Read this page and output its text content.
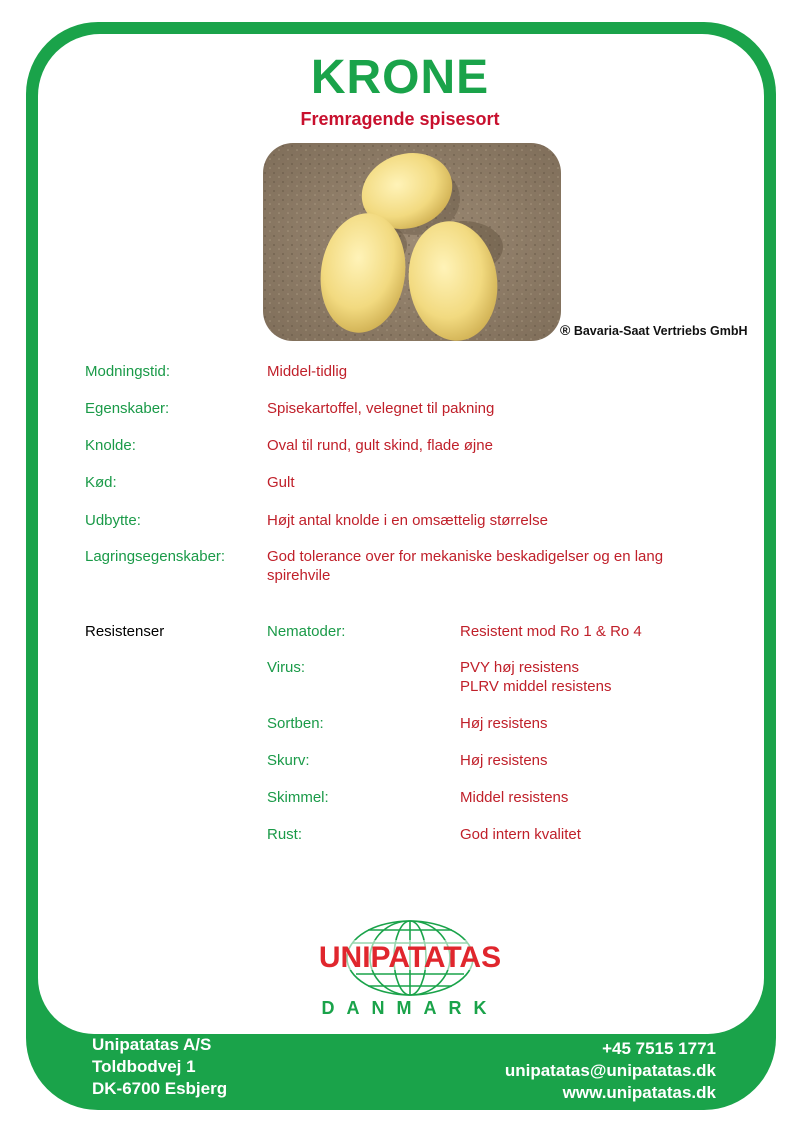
KRONE
Fremragende spisesort
® Bavaria-Saat Vertriebs GmbH
Modningstid:	Middel-tidlig
Egenskaber:	Spisekartoffel, velegnet til pakning
Knolde:	Oval til rund, gult skind, flade øjne
Kød:	Gult
Udbytte:	Højt antal knolde i en omsættelig størrelse
Lagringsegenskaber:	God tolerance over for mekaniske beskadigelser og en lang
spirehvile
Resistenser	Nematoder:	Resistent mod Ro 1 & Ro 4
Virus:	PVY høj resistens
PLRV middel resistens
Sortben:	Høj resistens
Skurv:	Høj resistens
Skimmel:	Middel resistens
Rust:	God intern kvalitet
UNIPATATAS
DANMARK
Unipatatas A/S
Toldbodvej 1
DK-6700 Esbjerg
+45 7515 1771
unipatatas@unipatatas.dk
www.unipatatas.dk
